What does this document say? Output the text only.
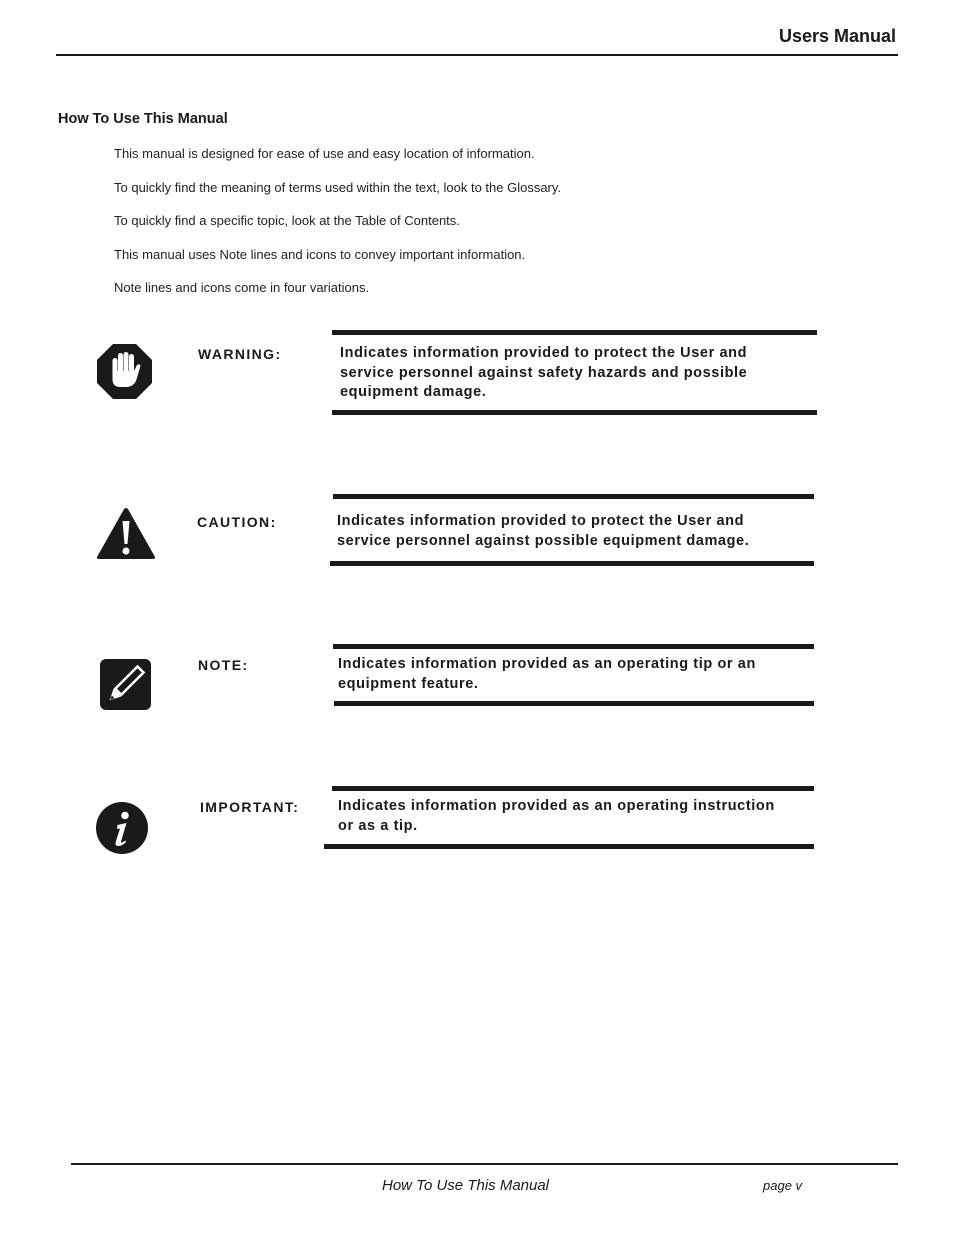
Users Manual
How To Use This Manual

This manual is designed for ease of use and easy location of information.

To quickly find the meaning of terms used within the text, look to the Glossary.

To quickly find a specific topic, look at the Table of Contents.

This manual uses Note lines and icons to convey important information.

Note lines and icons come in four variations.

WARNING:	Indicates information provided to protect the User and
service personnel against safety hazards and possible
equipment damage.
CAUTION:	Indicates information provided to protect the User and
service personnel against possible equipment damage.
NOTE:	Indicates information provided as an operating tip or an
equipment feature.
IMPORTANT:	Indicates information provided as an operating instruction
or as a tip.
How To Use This Manual	page v
